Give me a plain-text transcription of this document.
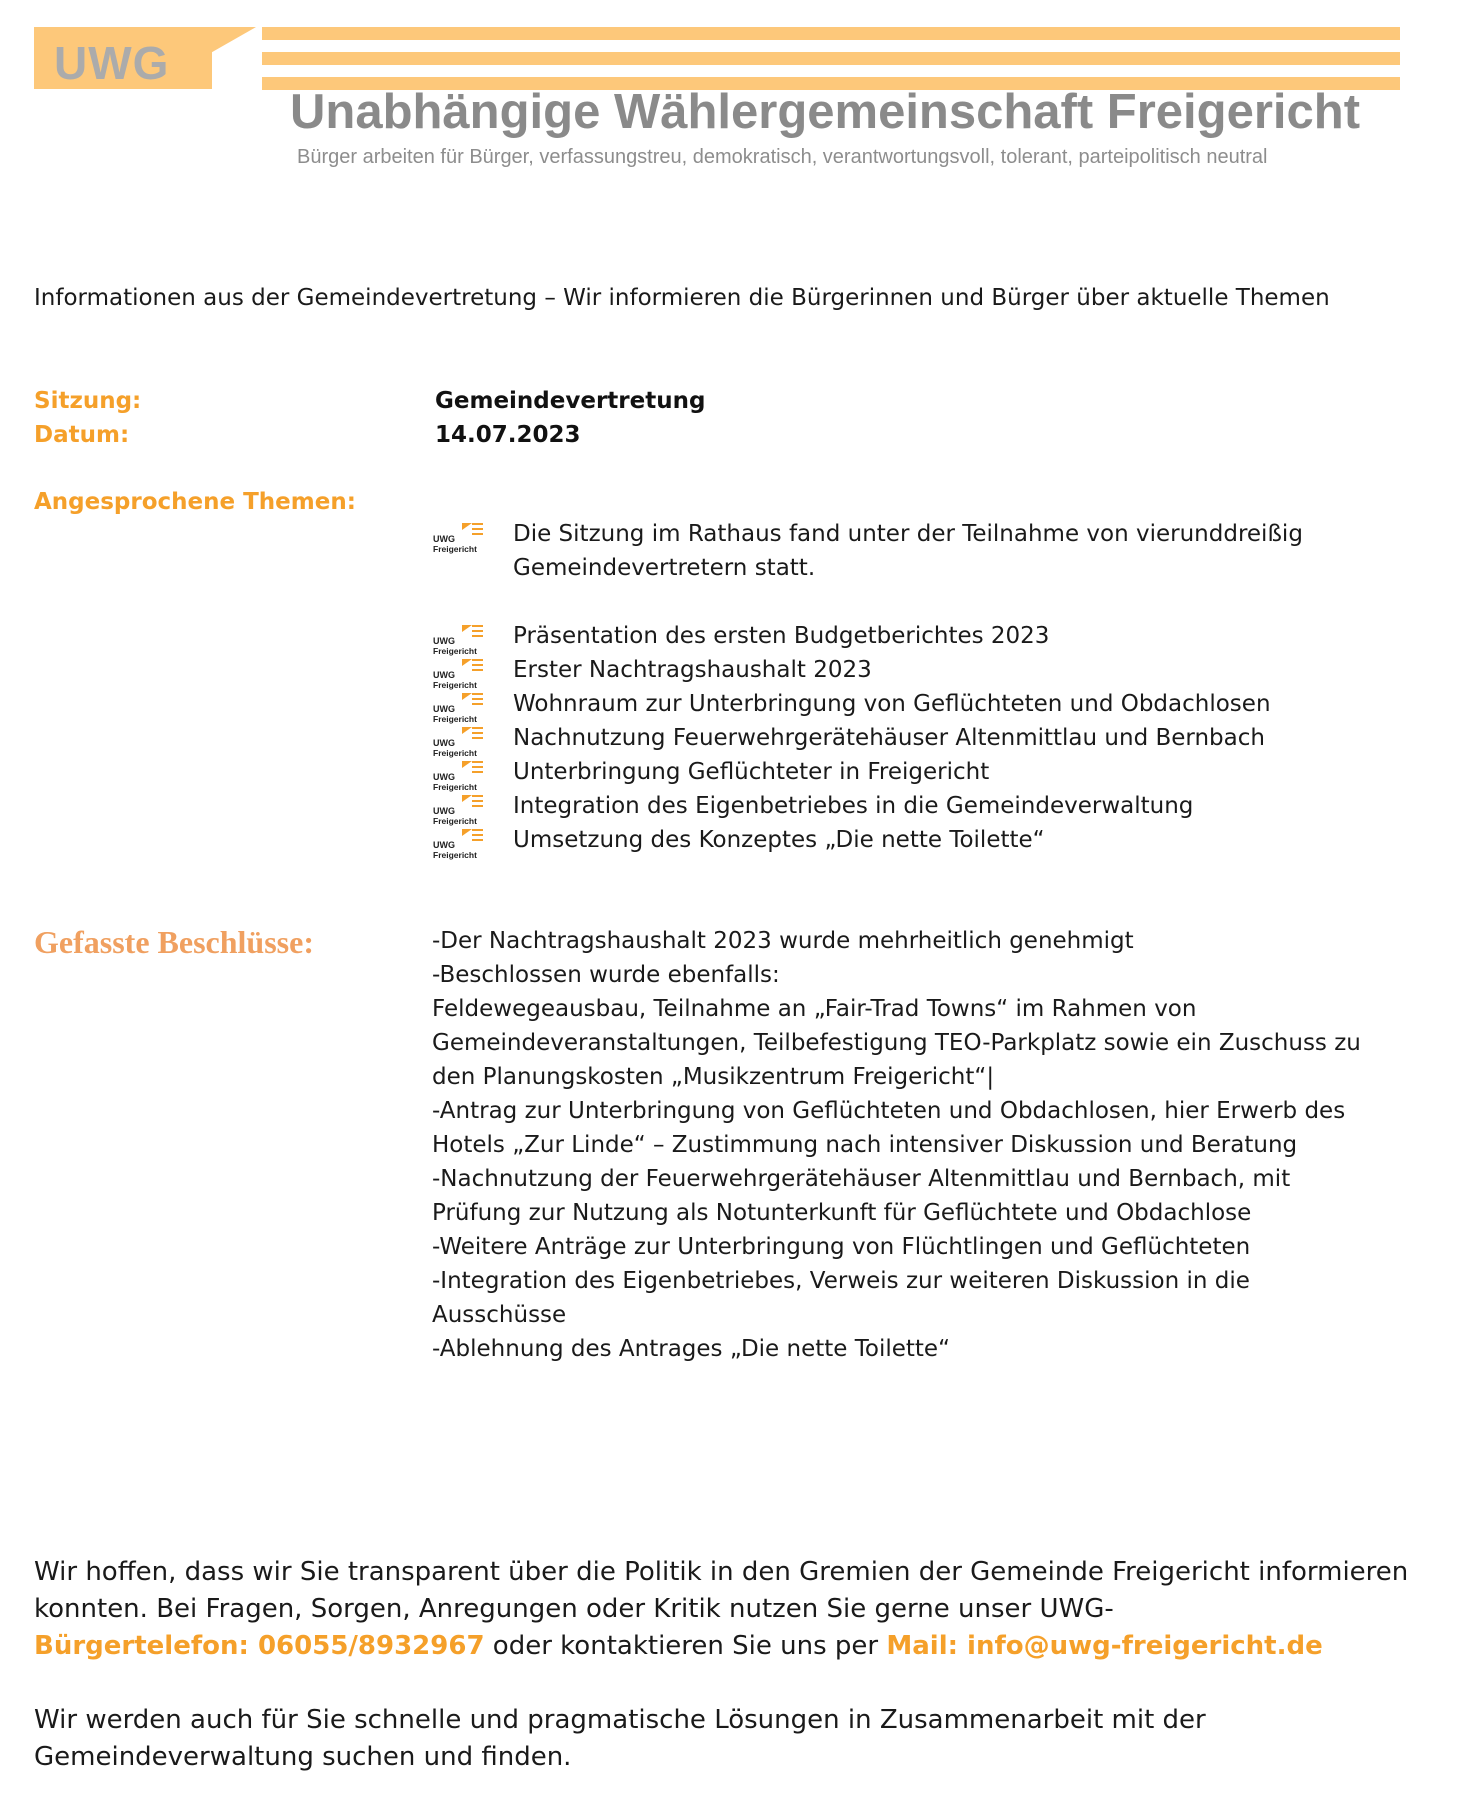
UWG
Unabhängige Wählergemeinschaft Freigericht
Bürger arbeiten für Bürger, verfassungstreu, demokratisch, verantwortungsvoll, tolerant, parteipolitisch neutral
Informationen aus der Gemeindevertretung – Wir informieren die Bürgerinnen und Bürger über aktuelle Themen
Sitzung:	Gemeindevertretung
Datum:	14.07.2023
Angesprochene Themen:
UWG
Freigericht
Die Sitzung im Rathaus fand unter der Teilnahme von vierunddreißig Gemeindevertretern statt.
UWG
Freigericht
Präsentation des ersten Budgetberichtes 2023
UWG
Freigericht
Erster Nachtragshaushalt 2023
UWG
Freigericht
Wohnraum zur Unterbringung von Geflüchteten und Obdachlosen
UWG
Freigericht
Nachnutzung Feuerwehrgerätehäuser Altenmittlau und Bernbach
UWG
Freigericht
Unterbringung Geflüchteter in Freigericht
UWG
Freigericht
Integration des Eigenbetriebes in die Gemeindeverwaltung
UWG
Freigericht
Umsetzung des Konzeptes „Die nette Toilette“
Gefasste Beschlüsse:	-Der Nachtragshaushalt 2023 wurde mehrheitlich genehmigt
-Beschlossen wurde ebenfalls:
Feldewegeausbau, Teilnahme an „Fair-Trad Towns“ im Rahmen von
Gemeindeveranstaltungen, Teilbefestigung TEO-Parkplatz sowie ein Zuschuss zu
den Planungskosten „Musikzentrum Freigericht“|
-Antrag zur Unterbringung von Geflüchteten und Obdachlosen, hier Erwerb des
Hotels „Zur Linde“ – Zustimmung nach intensiver Diskussion und Beratung
-Nachnutzung der Feuerwehrgerätehäuser Altenmittlau und Bernbach, mit
Prüfung zur Nutzung als Notunterkunft für Geflüchtete und Obdachlose
-Weitere Anträge zur Unterbringung von Flüchtlingen und Geflüchteten
-Integration des Eigenbetriebes, Verweis zur weiteren Diskussion in die
Ausschüsse
-Ablehnung des Antrages „Die nette Toilette“
Wir hoffen, dass wir Sie transparent über die Politik in den Gremien der Gemeinde Freigericht informieren konnten. Bei Fragen, Sorgen, Anregungen oder Kritik nutzen Sie gerne unser UWG-
Bürgertelefon: 06055/8932967 oder kontaktieren Sie uns per Mail: info@uwg-freigericht.de
Wir werden auch für Sie schnelle und pragmatische Lösungen in Zusammenarbeit mit der Gemeindeverwaltung suchen und finden.
